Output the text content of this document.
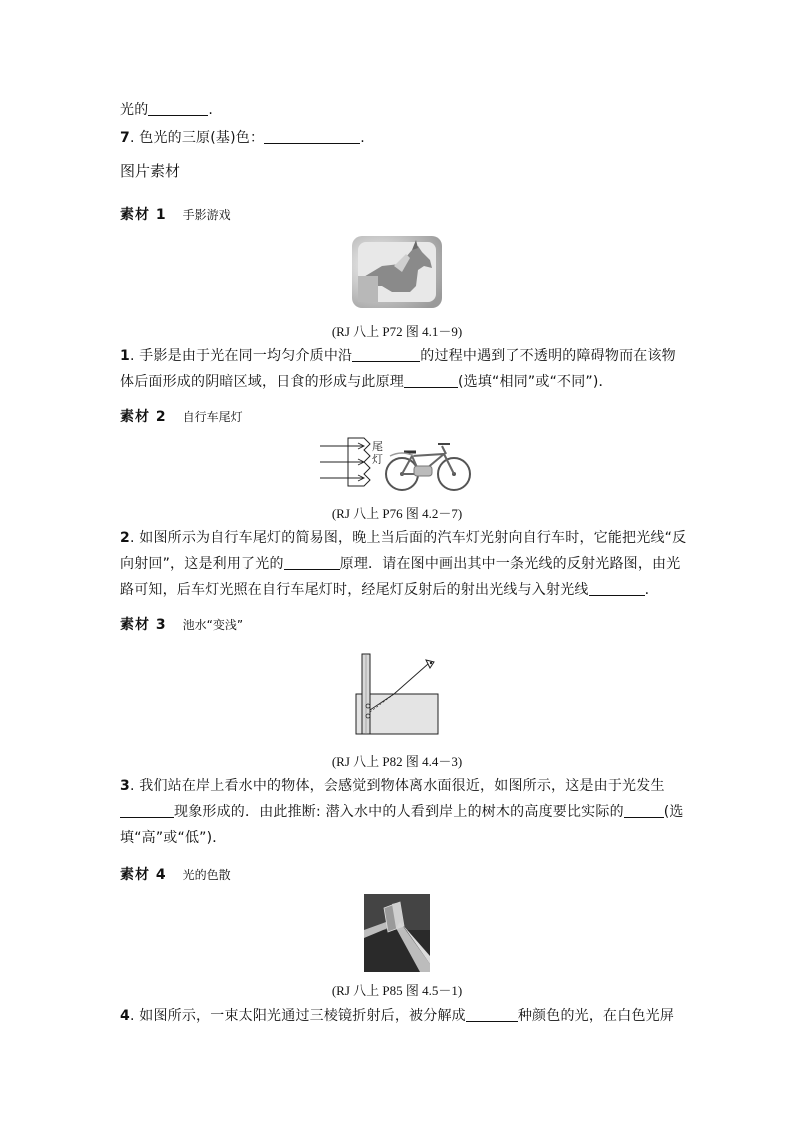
光的	.
7. 色光的三原(基)色：	.
图片素材
素材 1 手影游戏
(RJ 八上 P72 图 4.1－9)
1. 手影是由于光在同一均匀介质中沿	的过程中遇到了不透明的障碍物而在该物
体后面形成的阴暗区域，日食的形成与此原理	(选填“相同”或“不同”)．
素材 2 自行车尾灯
尾
灯
(RJ 八上 P76 图 4.2－7)
2. 如图所示为自行车尾灯的简易图，晚上当后面的汽车灯光射向自行车时，它能把光线“反
向射回”，这是利用了光的	原理．请在图中画出其中一条光线的反射光路图，由光
路可知，后车灯光照在自行车尾灯时，经尾灯反射后的射出光线与入射光线	.
素材 3 池水“变浅”
(RJ 八上 P82 图 4.4－3)
3. 我们站在岸上看水中的物体，会感觉到物体离水面很近，如图所示，这是由于光发生
现象形成的．由此推断: 潜入水中的人看到岸上的树木的高度要比实际的	(选
填“高”或“低”)．
素材 4 光的色散
(RJ 八上 P85 图 4.5－1)
4. 如图所示，一束太阳光通过三棱镜折射后，被分解成	种颜色的光，在白色光屏
